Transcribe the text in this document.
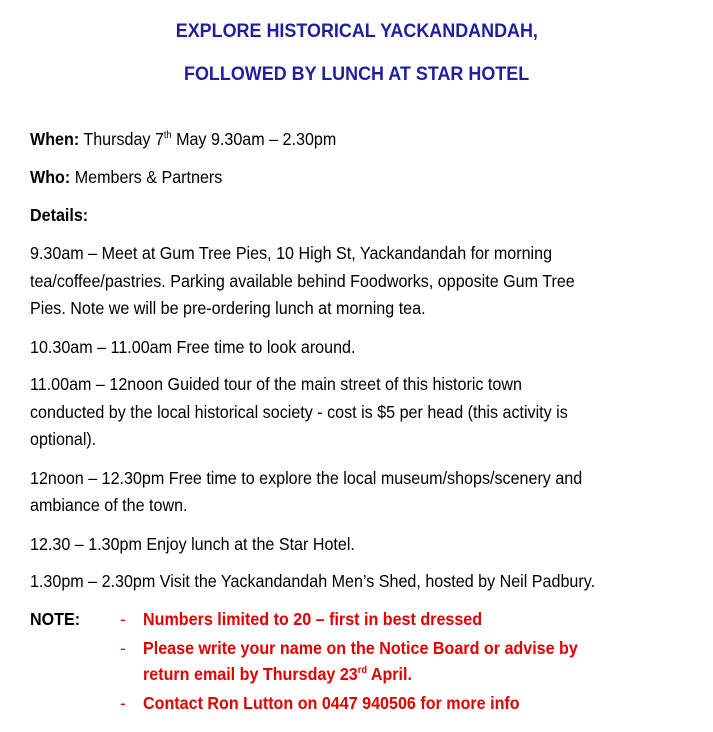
EXPLORE HISTORICAL YACKANDANDAH,
FOLLOWED BY LUNCH AT STAR HOTEL
When: Thursday 7th May 9.30am – 2.30pm
Who: Members & Partners
Details:
9.30am – Meet at Gum Tree Pies, 10 High St, Yackandandah for morning
tea/coffee/pastries. Parking available behind Foodworks, opposite Gum Tree
Pies. Note we will be pre-ordering lunch at morning tea.
10.30am – 11.00am Free time to look around.
11.00am – 12noon Guided tour of the main street of this historic town
conducted by the local historical society - cost is $5 per head (this activity is
optional).
12noon – 12.30pm Free time to explore the local museum/shops/scenery and
ambiance of the town.
12.30 – 1.30pm Enjoy lunch at the Star Hotel.
1.30pm – 2.30pm Visit the Yackandandah Men’s Shed, hosted by Neil Padbury.
NOTE: - Numbers limited to 20 – first in best dressed
- Please write your name on the Notice Board or advise by
return email by Thursday 23rd April.
- Contact Ron Lutton on 0447 940506 for more info
